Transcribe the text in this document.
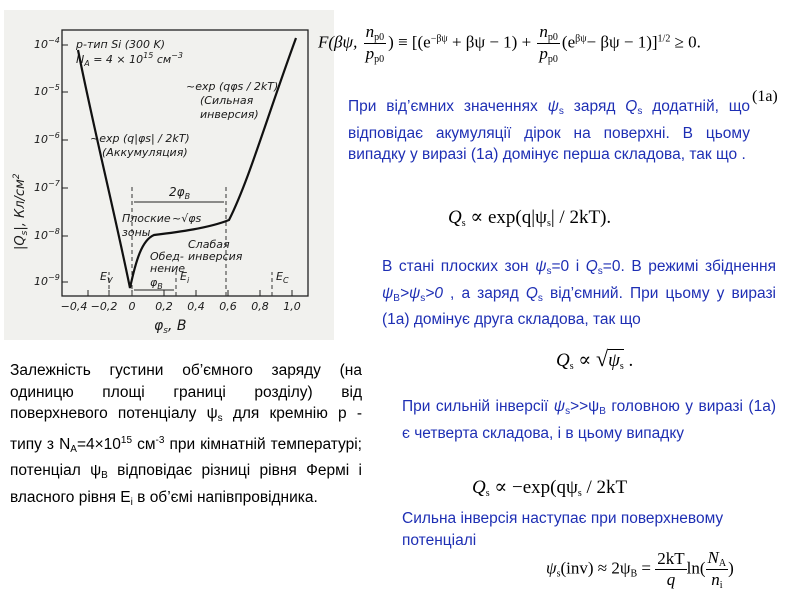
$10^{-4}$
$10^{-5}$
$10^{-6}$
$10^{-7}$
$10^{-8}$
$10^{-9}$
−0,4 −0,2 0 0,2 0,4 0,6 0,8 1,0
$\varphi_s$, B
$|Q_s|$, $Кл/см^2$
p-тип Si (300 K)
$N_A = 4 \times 10^{15}$ $см^{-3}$
$E_V$	$E_i$	$E_C$
$\varphi_B$
$2\varphi_B$
~exp (qφs / 2kT)
(Сильная
инверсия)
~exp (q|φs| / 2kT)
(Аккумуляция)
Плоские
зоны
~√φs
Обед-
нение
Слабая
инверсия
F(βψ, $\frac{n_{p0}}{p_{p0}}$ ) ≡ $[(e^{-\beta\psi} + \beta\psi - 1) + \frac{n_{p0}}{p_{p0}} (e^{\beta\psi}- \beta\psi - 1)]^{1/2} \ge 0$.
(1a)
При від’ємних значеннях $\psi_s$ заряд $Q_s$ додатній, що відповідає акумуляції дірок на поверхні. В цьому випадку у виразі (1а) домінує перша складова, так що .
$Q_s \propto \exp(q|\psi_s| / 2kT)$.
В стані плоских зон $\psi_s=0$ і $Q_s=0$. В режимі збіднення $\psi_B>\psi_s>0$ , а заряд $Q_s$ від’ємний. При цьому у виразі (1а) домінує друга складова, так що
$Q_s \propto √\psi_s$ .
При сильній інверсії $\psi_s>>\psi_B$ головною у виразі (1а) є четверта складова, і в цьому випадку
$Q_s \propto -\exp(q\psi_s / 2kT$
Сильна інверсія наступає при поверхневому потенціалі
$\psi_s(inv) \approx 2\psi_B = \frac{2kT}{q} \ln( \frac{N_A}{n_i}$ )
Залежність густини об’ємного заряду (на одиницю площі границі розділу) від поверхневого потенціалу $\psi_s$ для кремнію p - типу з $N_A=4\times 10^{15}$ $см^{-3}$ при кімнатній температурі; потенціал $\psi_B$ відповідає різниці рівня Фермі і власного рівня $E_i$ в об’ємі напівпровідника.
